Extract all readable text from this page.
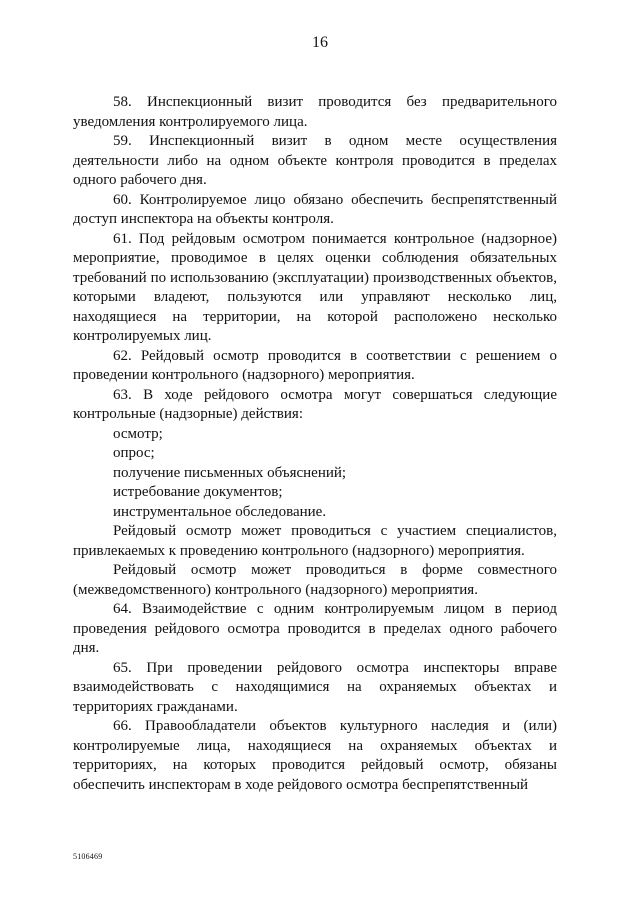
16

58. Инспекционный визит проводится без предварительного уведомления контролируемого лица.

59. Инспекционный визит в одном месте осуществления деятельности либо на одном объекте контроля проводится в пределах одного рабочего дня.

60. Контролируемое лицо обязано обеспечить беспрепятственный доступ инспектора на объекты контроля.

61. Под рейдовым осмотром понимается контрольное (надзорное) мероприятие, проводимое в целях оценки соблюдения обязательных требований по использованию (эксплуатации) производственных объектов, которыми владеют, пользуются или управляют несколько лиц, находящиеся на территории, на которой расположено несколько контролируемых лиц.

62. Рейдовый осмотр проводится в соответствии с решением о проведении контрольного (надзорного) мероприятия.

63. В ходе рейдового осмотра могут совершаться следующие контрольные (надзорные) действия:

осмотр;

опрос;

получение письменных объяснений;

истребование документов;

инструментальное обследование.

Рейдовый осмотр может проводиться с участием специалистов, привлекаемых к проведению контрольного (надзорного) мероприятия.

Рейдовый осмотр может проводиться в форме совместного (межведомственного) контрольного (надзорного) мероприятия.

64. Взаимодействие с одним контролируемым лицом в период проведения рейдового осмотра проводится в пределах одного рабочего дня.

65. При проведении рейдового осмотра инспекторы вправе взаимодействовать с находящимися на охраняемых объектах и территориях гражданами.

66. Правообладатели объектов культурного наследия и (или) контролируемые лица, находящиеся на охраняемых объектах и территориях, на которых проводится рейдовый осмотр, обязаны обеспечить инспекторам в ходе рейдового осмотра беспрепятственный

5106469
